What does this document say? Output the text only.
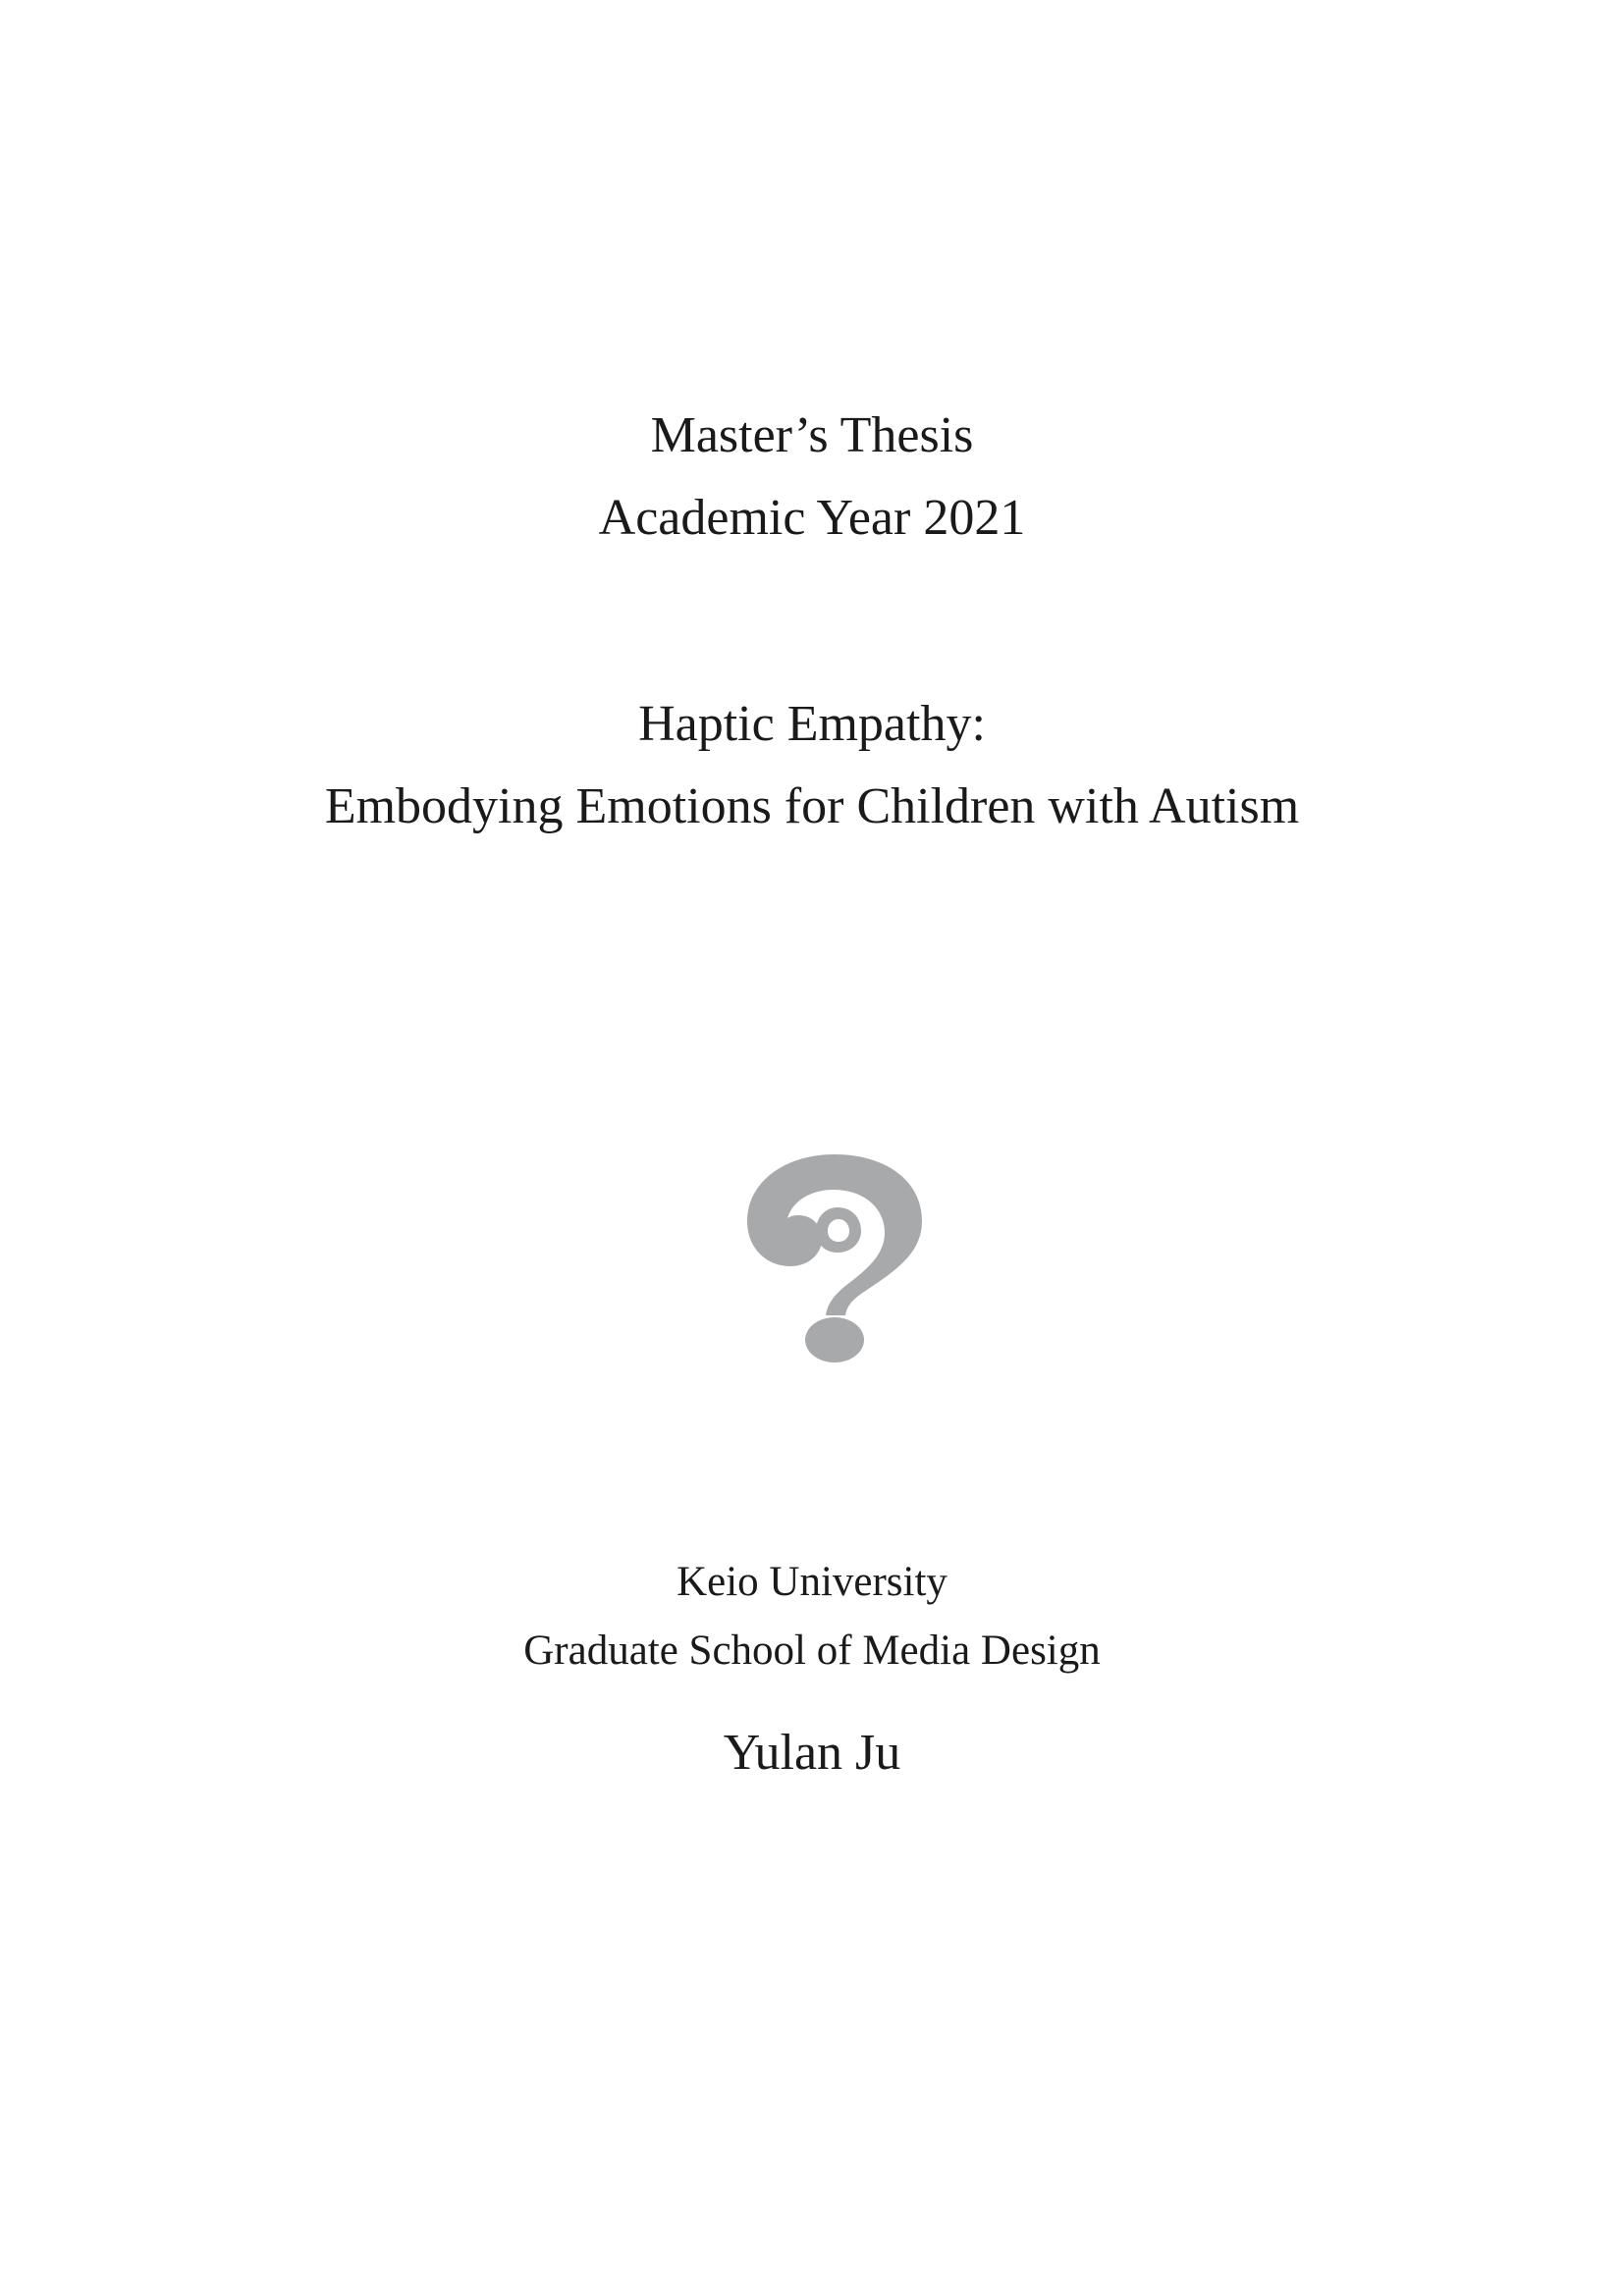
Master’s Thesis
Academic Year 2021
Haptic Empathy:
Embodying Emotions for Children with Autism
Keio University
Graduate School of Media Design
Yulan Ju
